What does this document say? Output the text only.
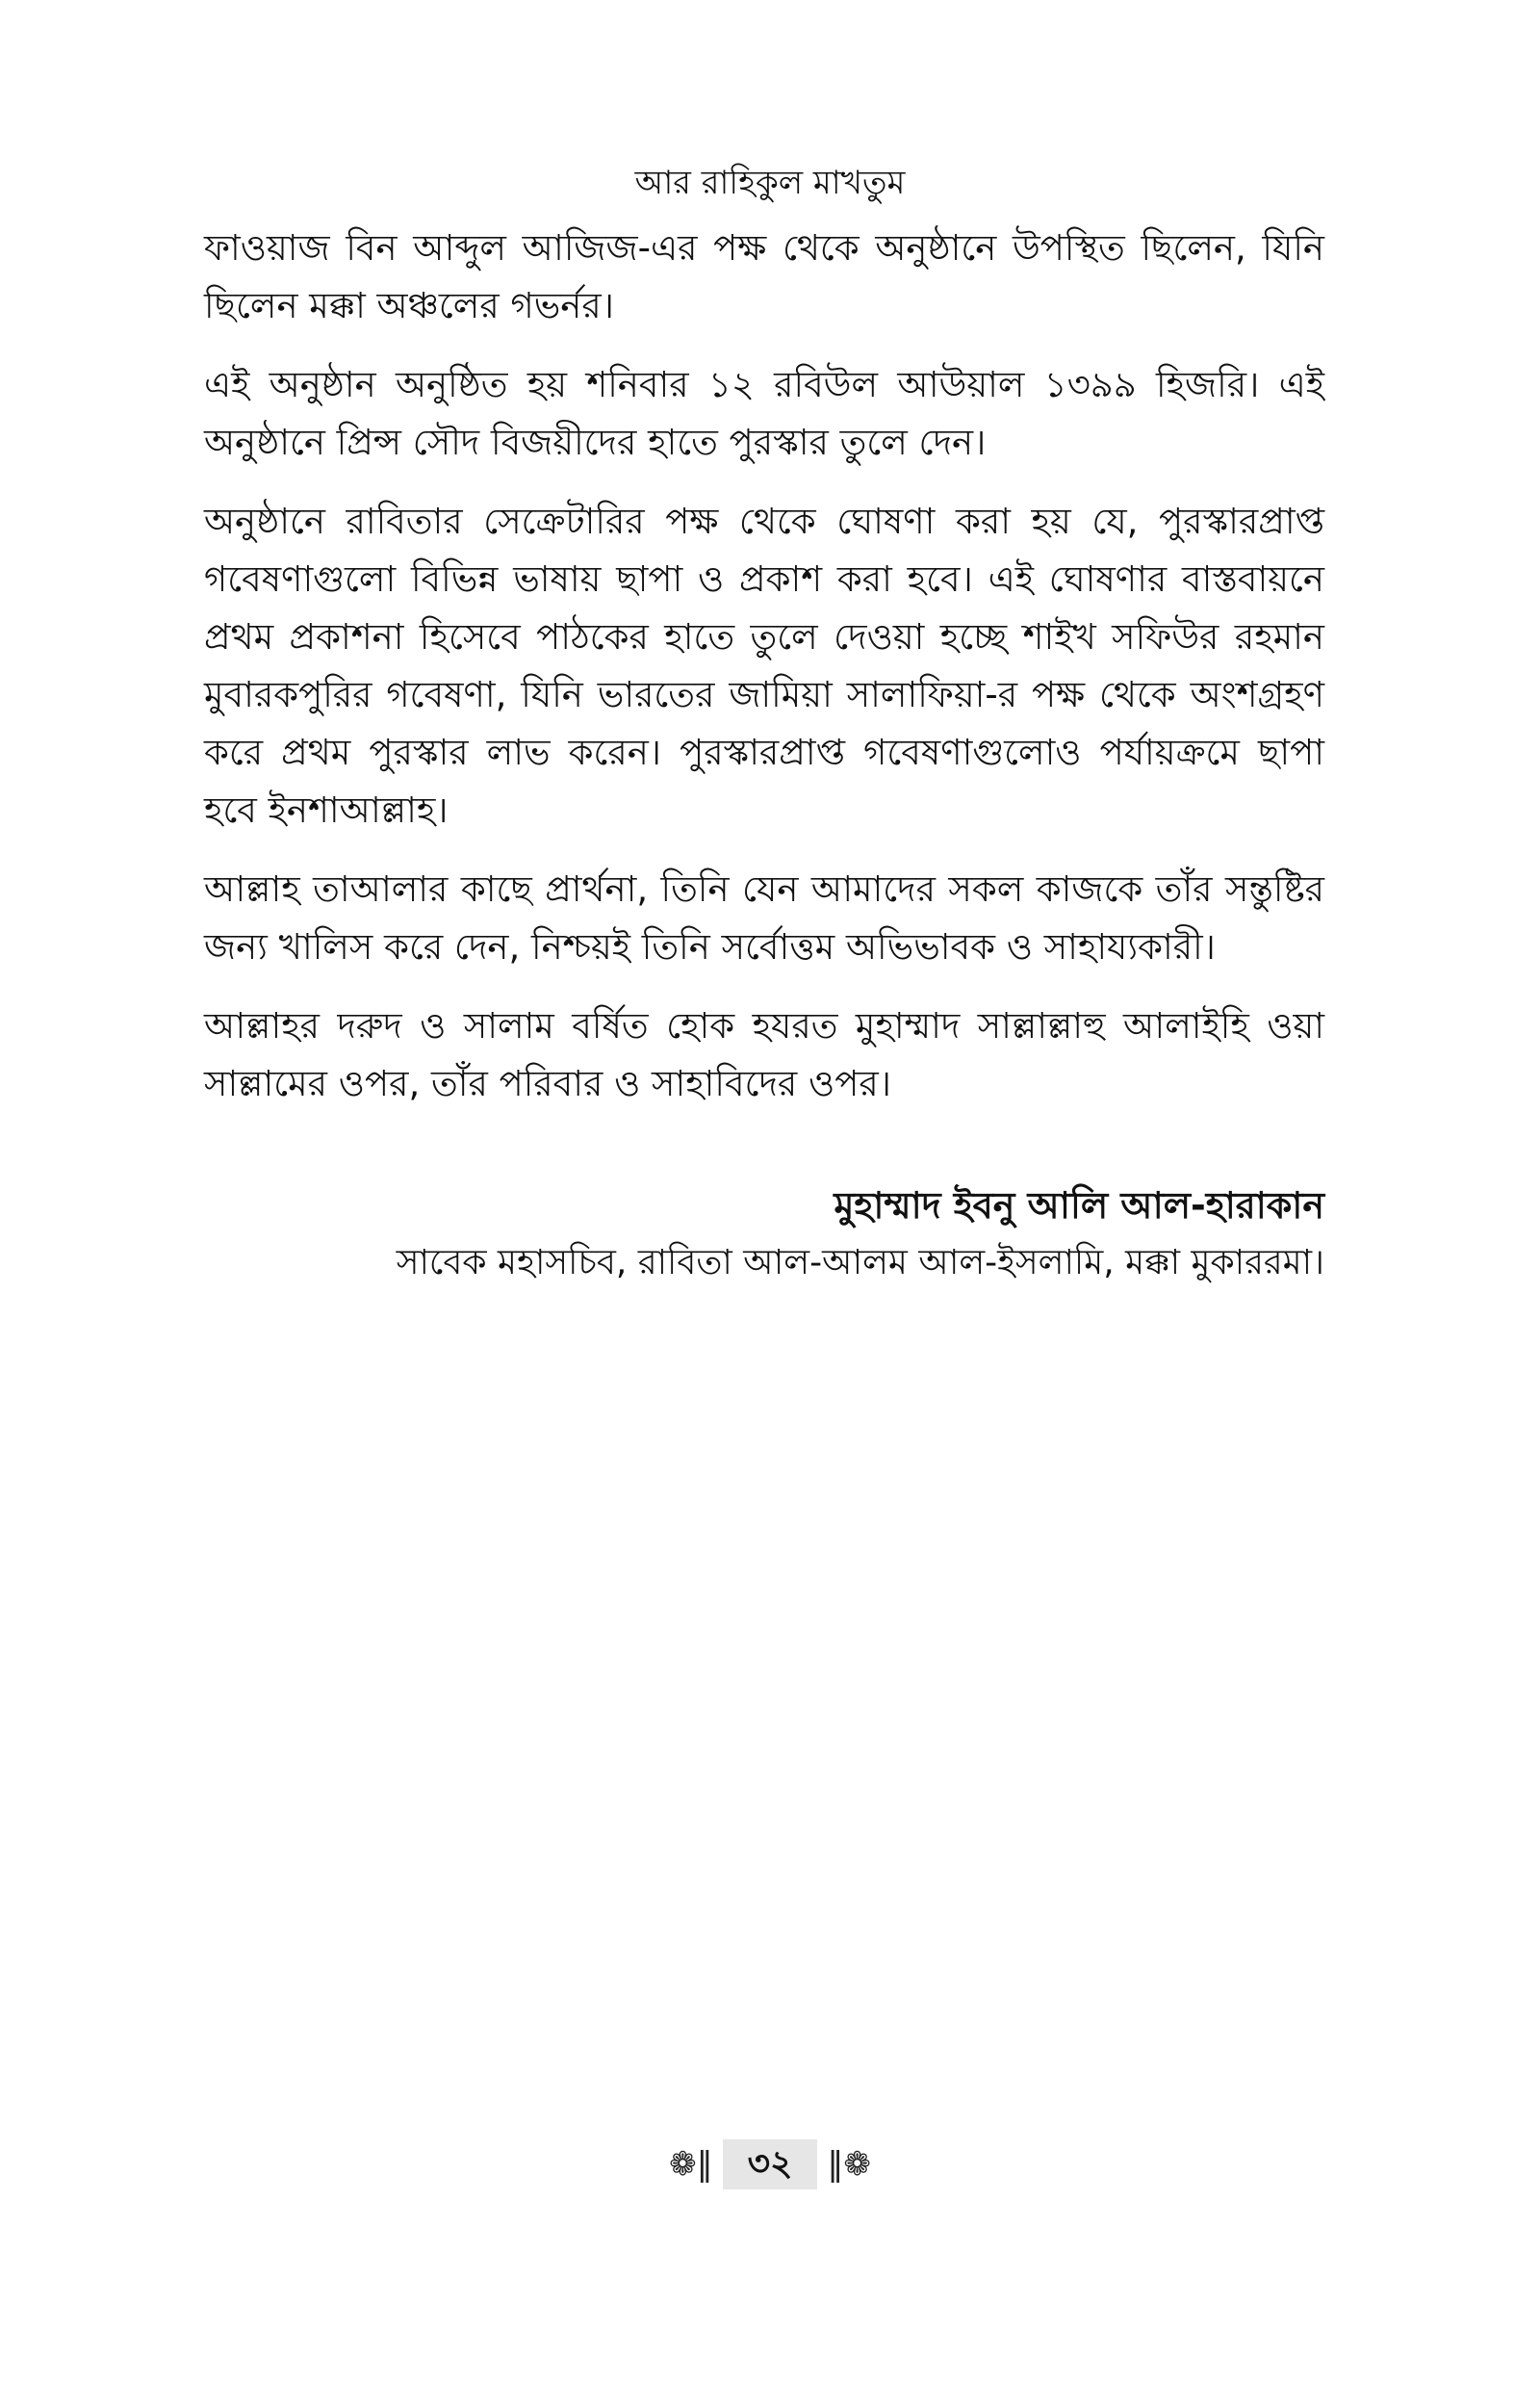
আর রাহিকুল মাখতুম

ফাওয়াজ বিন আব্দুল আজিজ-এর পক্ষ থেকে অনুষ্ঠানে উপস্থিত ছিলেন, যিনি ছিলেন মক্কা অঞ্চলের গভর্নর।

এই অনুষ্ঠান অনুষ্ঠিত হয় শনিবার ১২ রবিউল আউয়াল ১৩৯৯ হিজরি। এই অনুষ্ঠানে প্রিন্স সৌদ বিজয়ীদের হাতে পুরস্কার তুলে দেন।

অনুষ্ঠানে রাবিতার সেক্রেটারির পক্ষ থেকে ঘোষণা করা হয় যে, পুরস্কারপ্রাপ্ত গবেষণাগুলো বিভিন্ন ভাষায় ছাপা ও প্রকাশ করা হবে। এই ঘোষণার বাস্তবায়নে প্রথম প্রকাশনা হিসেবে পাঠকের হাতে তুলে দেওয়া হচ্ছে শাইখ সফিউর রহমান মুবারকপুরির গবেষণা, যিনি ভারতের জামিয়া সালাফিয়া-র পক্ষ থেকে অংশগ্রহণ করে প্রথম পুরস্কার লাভ করেন। পুরস্কারপ্রাপ্ত গবেষণাগুলোও পর্যায়ক্রমে ছাপা হবে ইনশাআল্লাহ।

আল্লাহ তাআলার কাছে প্রার্থনা, তিনি যেন আমাদের সকল কাজকে তাঁর সন্তুষ্টির জন্য খালিস করে দেন, নিশ্চয়ই তিনি সর্বোত্তম অভিভাবক ও সাহায্যকারী।

আল্লাহর দরুদ ও সালাম বর্ষিত হোক হযরত মুহাম্মাদ সাল্লাল্লাহু আলাইহি ওয়া সাল্লামের ওপর, তাঁর পরিবার ও সাহাবিদের ওপর।

মুহাম্মাদ ইবনু আলি আল-হারাকান
সাবেক মহাসচিব, রাবিতা আল-আলম আল-ইসলামি, মক্কা মুকাররমা।
❁‖	৩২	‖❁
